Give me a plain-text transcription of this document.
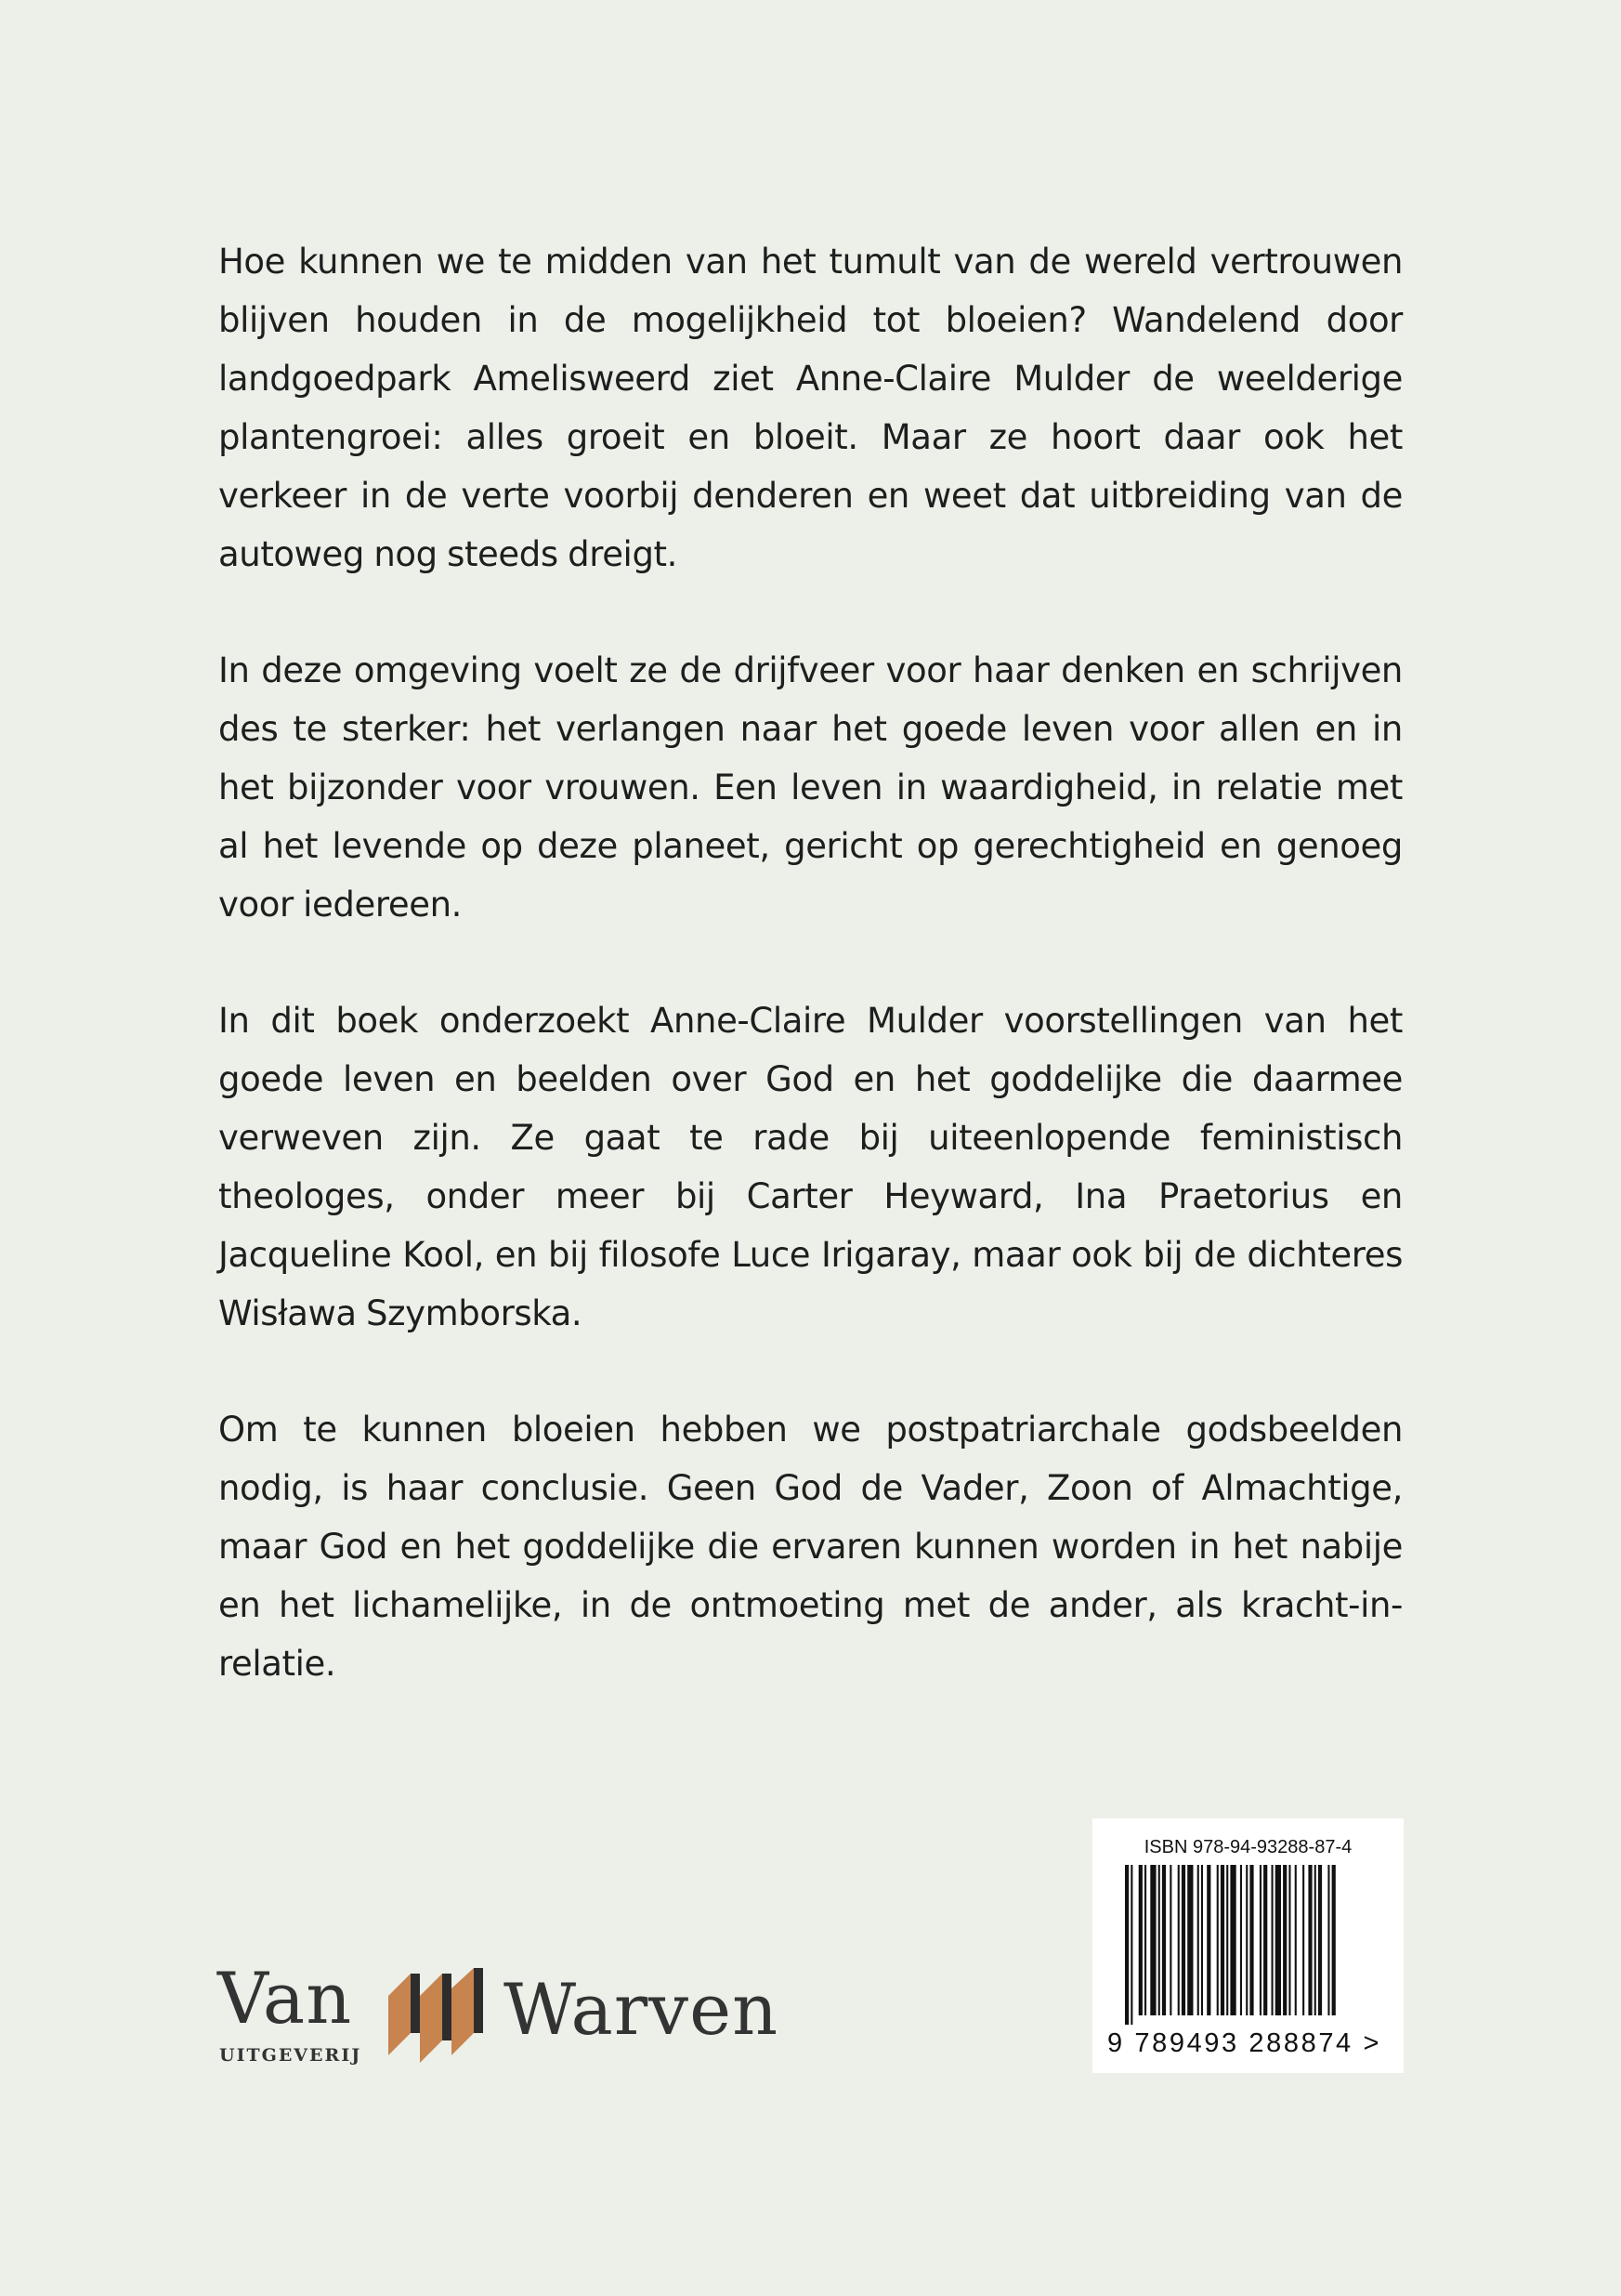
Hoe kunnen we te midden van het tumult van de wereld vertrouwen blijven houden in de mogelijkheid tot bloeien? Wandelend door landgoedpark Amelisweerd ziet Anne-Claire Mulder de weelderige plantengroei: alles groeit en bloeit. Maar ze hoort daar ook het verkeer in de verte voorbij denderen en weet dat uitbreiding van de autoweg nog steeds dreigt.

In deze omgeving voelt ze de drijfveer voor haar denken en schrijven des te sterker: het verlangen naar het goede leven voor allen en in het bijzonder voor vrouwen. Een leven in waardigheid, in relatie met al het levende op deze planeet, gericht op gerechtigheid en genoeg voor iedereen.

In dit boek onderzoekt Anne-Claire Mulder voorstellingen van het goede leven en beelden over God en het goddelijke die daarmee verweven zijn. Ze gaat te rade bij uiteenlopende feministisch theologes, onder meer bij Carter Heyward, Ina Praetorius en Jacqueline Kool, en bij filosofe Luce Irigaray, maar ook bij de dichteres Wisława Szymborska.

Om te kunnen bloeien hebben we postpatriarchale godsbeelden nodig, is haar conclusie. Geen God de Vader, Zoon of Almachtige, maar God en het goddelijke die ervaren kunnen worden in het nabije en het lichamelijke, in de ontmoeting met de ander, als kracht-in-relatie.

Van
UITGEVERIJ
Warven
ISBN 978-94-93288-87-4
9 789493 288874 >
